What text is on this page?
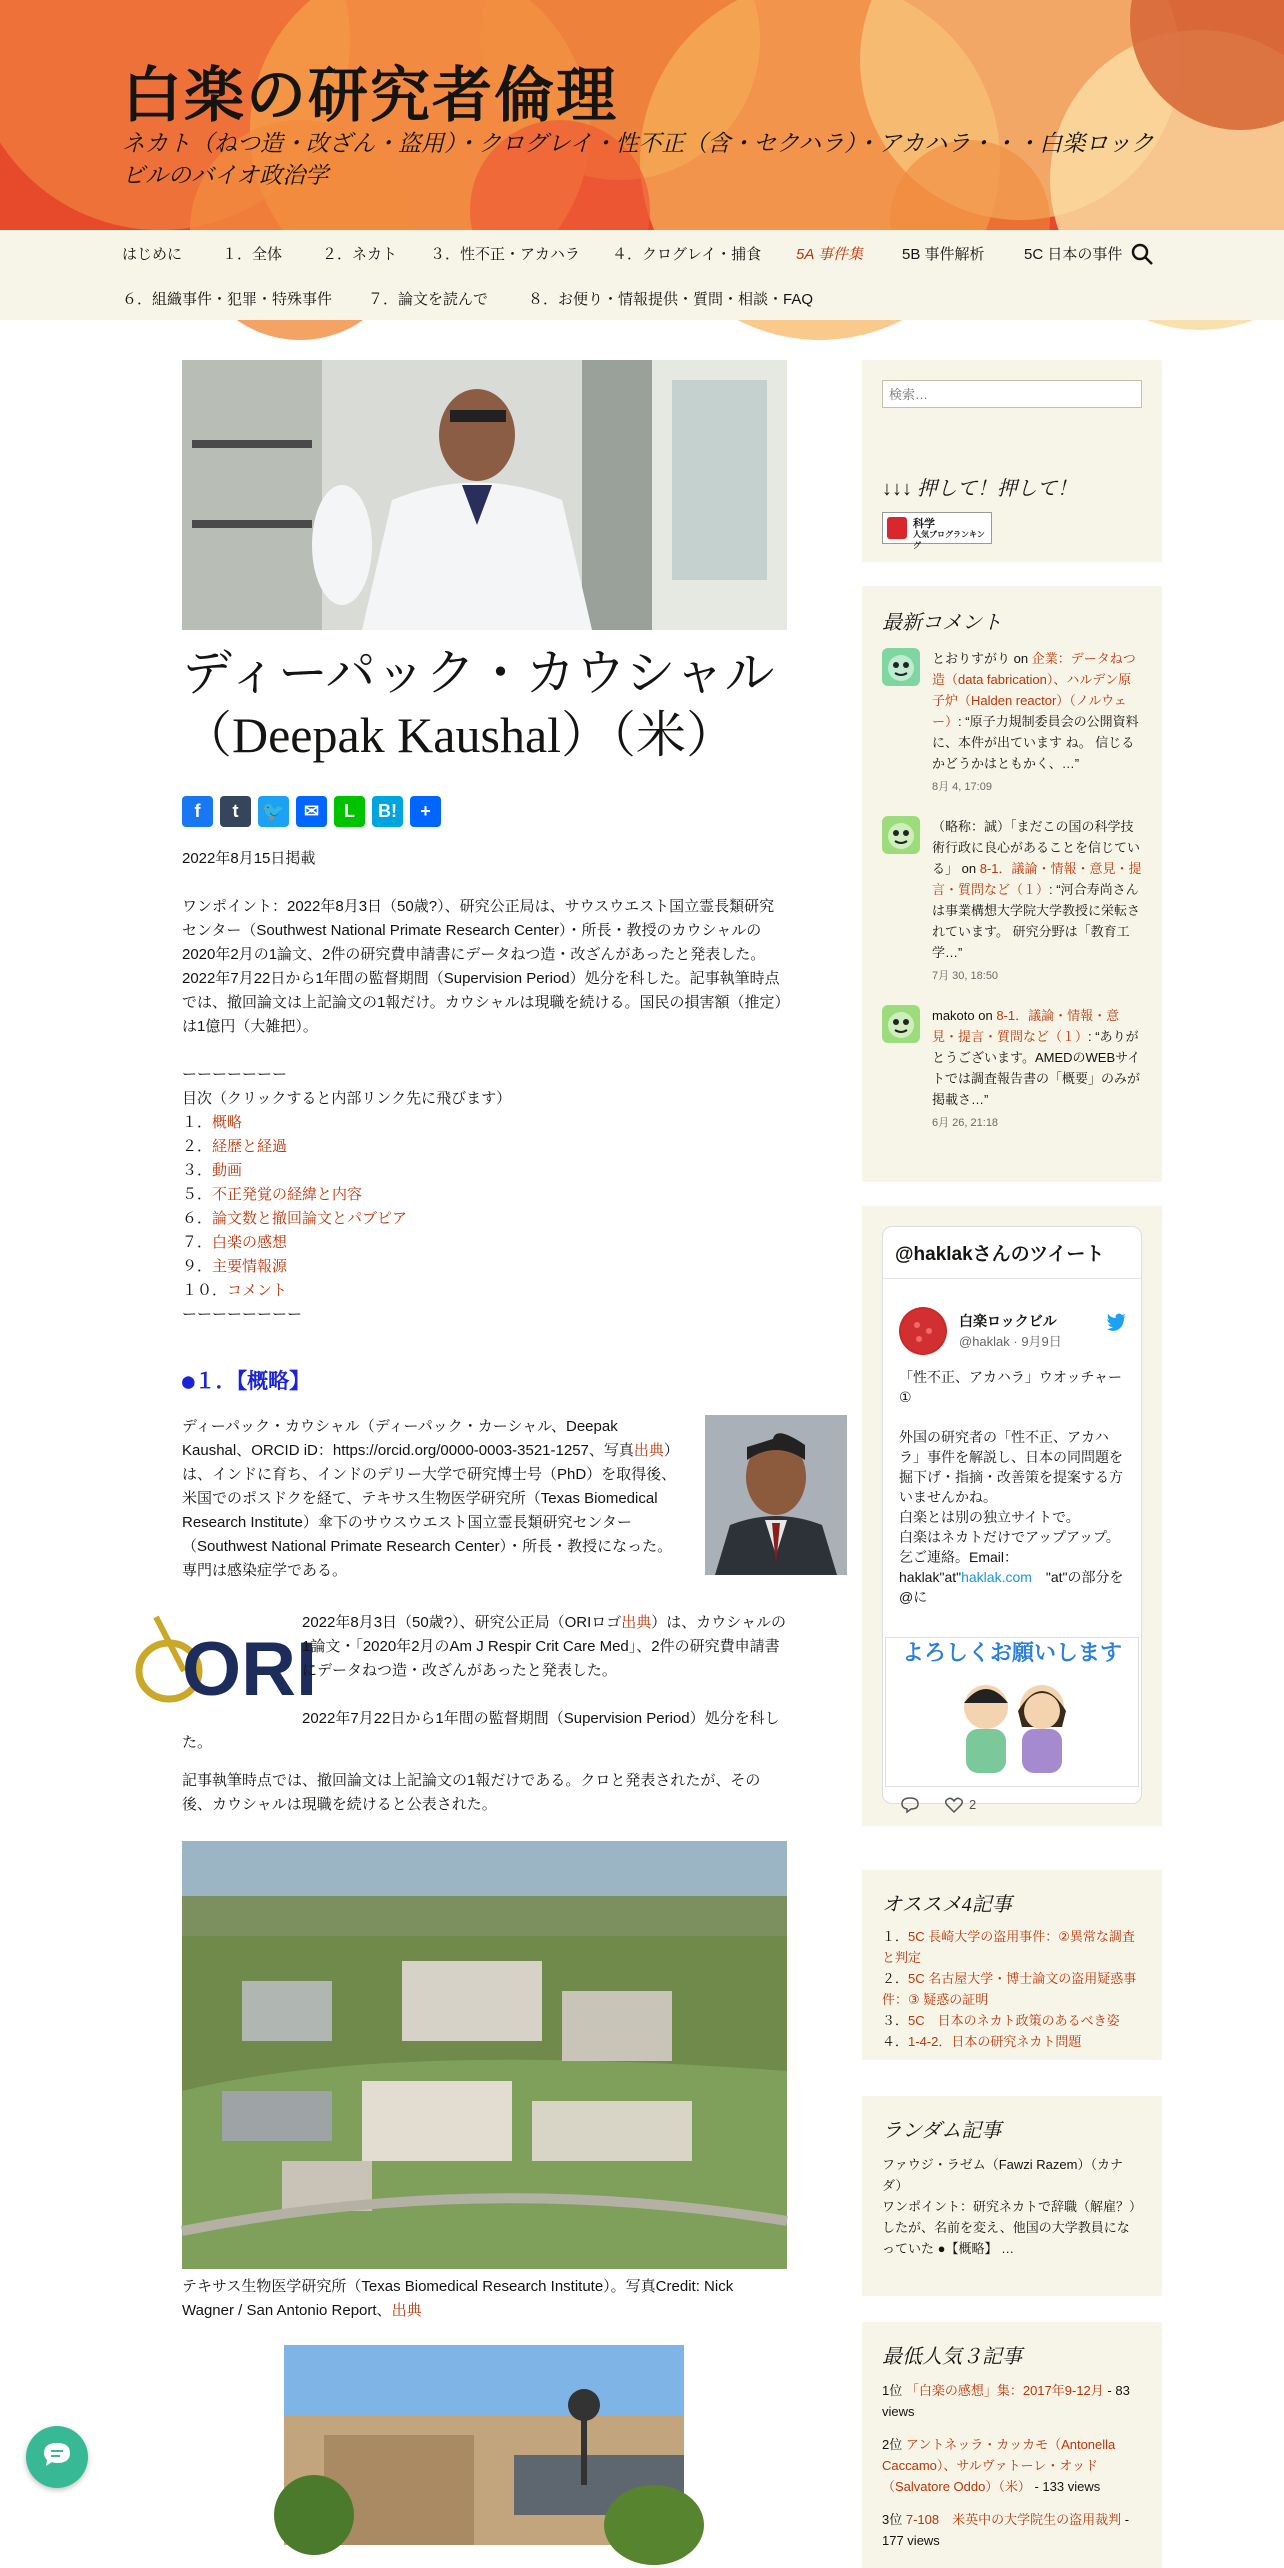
白楽の研究者倫理
ネカト（ねつ造・改ざん・盗用）・クログレイ・性不正（含・セクハラ）・アカハラ・・・白楽ロックビルのバイオ政治学
はじめに	１．全体	２．ネカト ３．性不正・アカハラ ４．クログレイ・捕食 5A 事件集	5B 事件解析	5C 日本の事件
６．組織事件・犯罪・特殊事件 ７．論文を読んで	８．お便り・情報提供・質問・相談・FAQ
ディーパック・カウシャル
（Deepak Kaushal）（米）
f	t	🐦	✉	L	B!	+
2022年8月15日掲載
ワンポイント：2022年8月3日（50歳?）、研究公正局は、サウスウエスト国立霊長類研究センター（Southwest National Primate Research Center）・所長・教授のカウシャルの2020年2月の1論文、2件の研究費申請書にデータねつ造・改ざんがあったと発表した。2022年7月22日から1年間の監督期間（Supervision Period）処分を科した。記事執筆時点では、撤回論文は上記論文の1報だけ。カウシャルは現職を続ける。国民の損害額（推定）は1億円（大雑把）。
ーーーーーーー
目次（クリックすると内部リンク先に飛びます）
１．概略
２．経歴と経過
３．動画
５．不正発覚の経緯と内容
６．論文数と撤回論文とパブピア
７．白楽の感想
９．主要情報源
１０．コメント
ーーーーーーーー
●１．【概略】
ディーパック・カウシャル（ディーパック・カーシャル、Deepak Kaushal、ORCID iD：https://orcid.org/0000-0003-3521-1257、写真出典）は、インドに育ち、インドのデリー大学で研究博士号（PhD）を取得後、米国でのポスドクを経て、テキサス生物医学研究所（Texas Biomedical Research Institute）傘下のサウスウエスト国立霊長類研究センター（Southwest National Primate Research Center）・所長・教授になった。専門は感染症学である。
ORI
2022年8月3日（50歳?）、研究公正局（ORIロゴ出典）は、カウシャルの1論文・「2020年2月のAm J Respir Crit Care Med」、2件の研究費申請書にデータねつ造・改ざんがあったと発表した。
2022年7月22日から1年間の監督期間（Supervision Period）処分を科した。
記事執筆時点では、撤回論文は上記論文の1報だけである。クロと発表されたが、その後、カウシャルは現職を続けると公表された。
テキサス生物医学研究所（Texas Biomedical Research Institute）。写真Credit: Nick Wagner / San Antonio Report、出典
検索…
↓↓↓ 押して！押して！
科学
人気ブログランキング
最新コメント
とおりすがり on 企業：データねつ造（data fabrication）、ハルデン原子炉（Halden reactor）（ノルウェー）: “原子力規制委員会の公開資料に、本件が出ています ね。 信じるかどうかはともかく、…”
8月 4, 17:09
（略称：誠）「まだこの国の科学技術行政に良心があることを信じている」 on 8-1．議論・情報・意見・提言・質問など（１）: “河合寿尚さんは事業構想大学院大学教授に栄転されています。 研究分野は「教育工学…”
7月 30, 18:50
makoto on 8-1．議論・情報・意見・提言・質問など（１）: “ありがとうございます。AMEDのWEBサイトでは調査報告書の「概要」のみが掲載さ…”
6月 26, 21:18
@haklakさんのツイート
白楽ロックビル
@haklak · 9月9日
「性不正、アカハラ」ウオッチャー　①
外国の研究者の「性不正、アカハラ」事件を解説し、日本の同問題を掘下げ・指摘・改善策を提案する方いませんかね。
白楽とは別の独立サイトで。
白楽はネカトだけでアップアップ。
乞ご連絡。Email：
haklak"at"haklak.com　"at"の部分を@に
よろしくお願いします
2
オススメ4記事
１．5C 長崎大学の盗用事件：②異常な調査と判定
２．5C 名古屋大学・博士論文の盗用疑惑事件：③ 疑惑の証明
３．5C　日本のネカト政策のあるべき姿
４．1-4-2．日本の研究ネカト問題
ランダム記事
ファウジ・ラゼム（Fawzi Razem）（カナダ）
ワンポイント：研究ネカトで辞職（解雇？）したが、名前を変え、他国の大学教員になっていた ●【概略】 …
最低人気３記事
1位 「白楽の感想」集：2017年9-12月 - 83 views
2位 アントネッラ・カッカモ（Antonella Caccamo）、サルヴァトーレ・オッド（Salvatore Oddo）（米） - 133 views
3位 7-108　米英中の大学院生の盗用裁判 - 177 views
